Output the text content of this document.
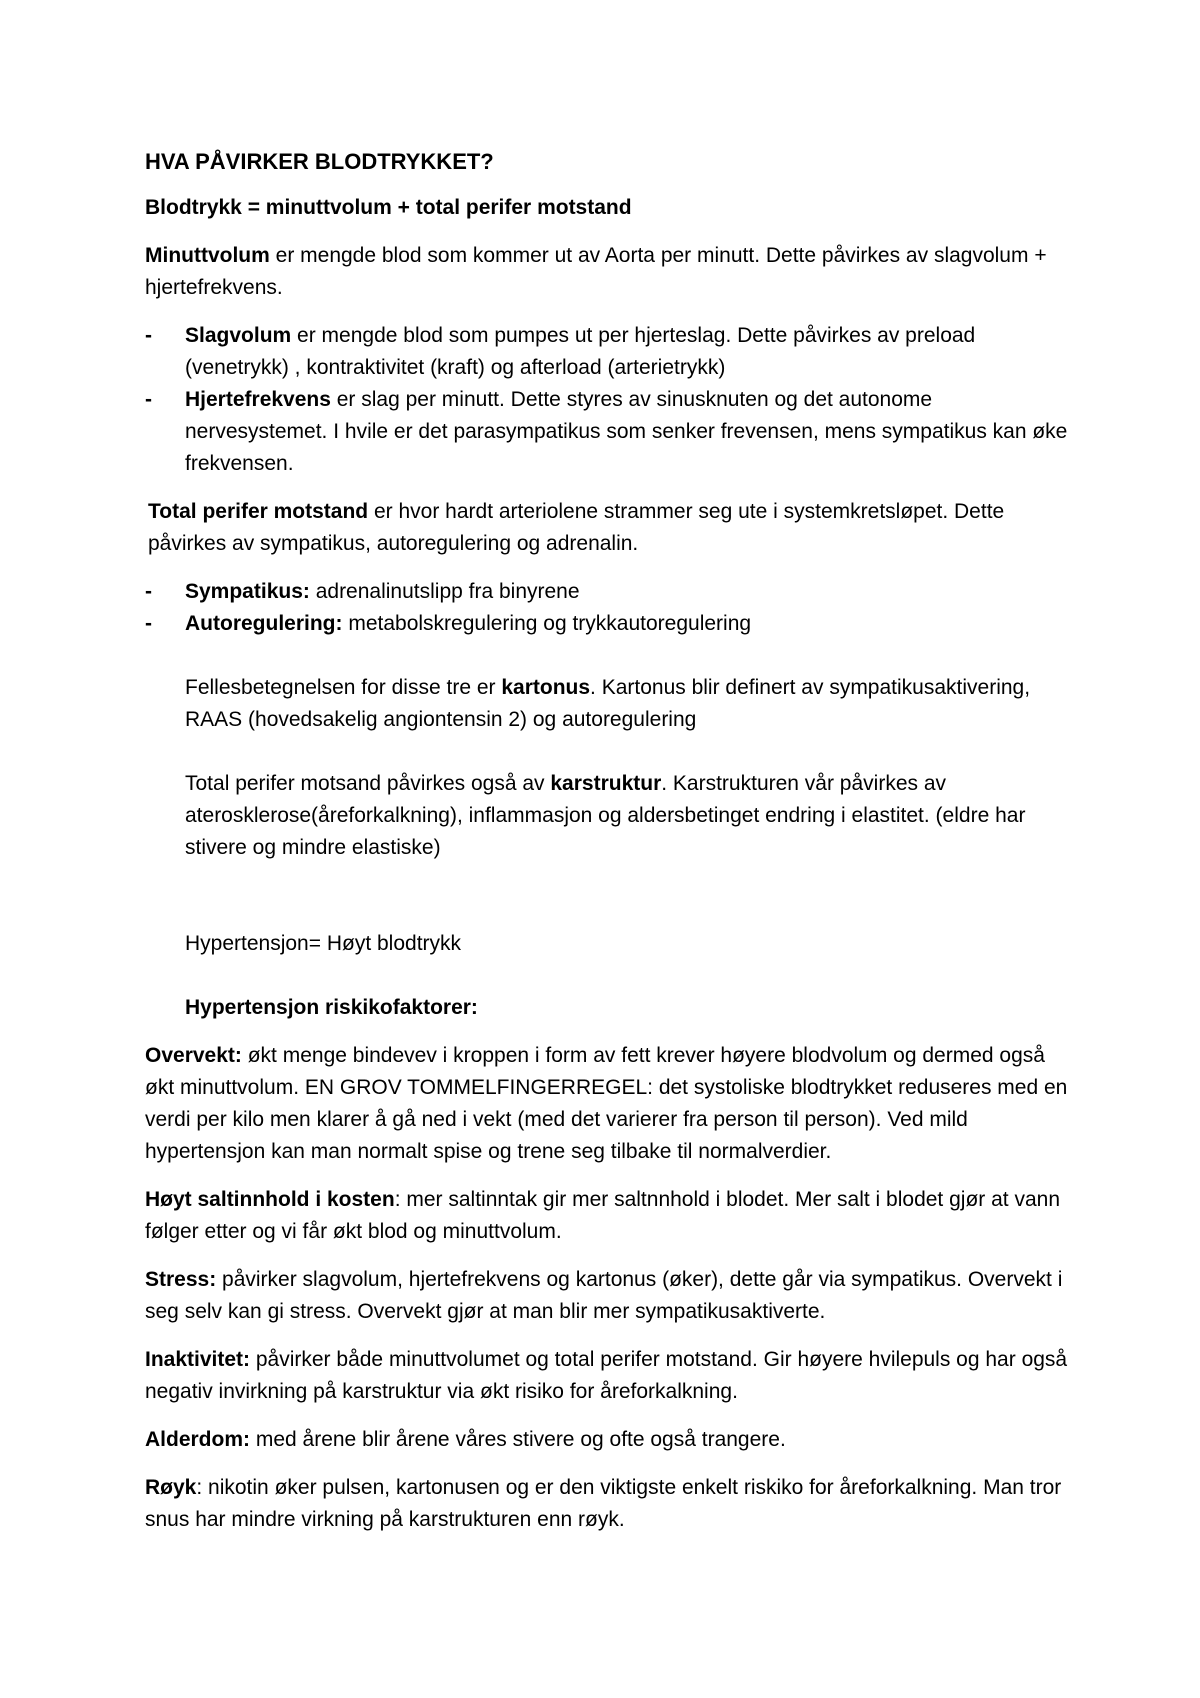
HVA PÅVIRKER BLODTRYKKET?
Blodtrykk = minuttvolum + total perifer motstand
Minuttvolum er mengde blod som kommer ut av Aorta per minutt. Dette påvirkes av slagvolum + hjertefrekvens.
- Slagvolum er mengde blod som pumpes ut per hjerteslag. Dette påvirkes av preload (venetrykk) , kontraktivitet (kraft) og afterload (arterietrykk)
- Hjertefrekvens er slag per minutt. Dette styres av sinusknuten og det autonome nervesystemet. I hvile er det parasympatikus som senker frevensen, mens sympatikus kan øke frekvensen.
Total perifer motstand er hvor hardt arteriolene strammer seg ute i systemkretsløpet. Dette påvirkes av sympatikus, autoregulering og adrenalin.
- Sympatikus: adrenalinutslipp fra binyrene
- Autoregulering: metabolskregulering og trykkautoregulering
Fellesbetegnelsen for disse tre er kartonus. Kartonus blir definert av sympatikusaktivering, RAAS (hovedsakelig angiontensin 2) og autoregulering
Total perifer motsand påvirkes også av karstruktur. Karstrukturen vår påvirkes av aterosklerose(åreforkalkning), inflammasjon og aldersbetinget endring i elastitet. (eldre har stivere og mindre elastiske)
Hypertensjon= Høyt blodtrykk
Hypertensjon riskikofaktorer:
Overvekt: økt menge bindevev i kroppen i form av fett krever høyere blodvolum og dermed også økt minuttvolum. EN GROV TOMMELFINGERREGEL: det systoliske blodtrykket reduseres med en verdi per kilo men klarer å gå ned i vekt (med det varierer fra person til person). Ved mild hypertensjon kan man normalt spise og trene seg tilbake til normalverdier.
Høyt saltinnhold i kosten: mer saltinntak gir mer saltnnhold i blodet. Mer salt i blodet gjør at vann følger etter og vi får økt blod og minuttvolum.
Stress: påvirker slagvolum, hjertefrekvens og kartonus (øker), dette går via sympatikus. Overvekt i seg selv kan gi stress. Overvekt gjør at man blir mer sympatikusaktiverte.
Inaktivitet: påvirker både minuttvolumet og total perifer motstand. Gir høyere hvilepuls og har også negativ invirkning på karstruktur via økt risiko for åreforkalkning.
Alderdom: med årene blir årene våres stivere og ofte også trangere.
Røyk: nikotin øker pulsen, kartonusen og er den viktigste enkelt riskiko for åreforkalkning. Man tror snus har mindre virkning på karstrukturen enn røyk.
